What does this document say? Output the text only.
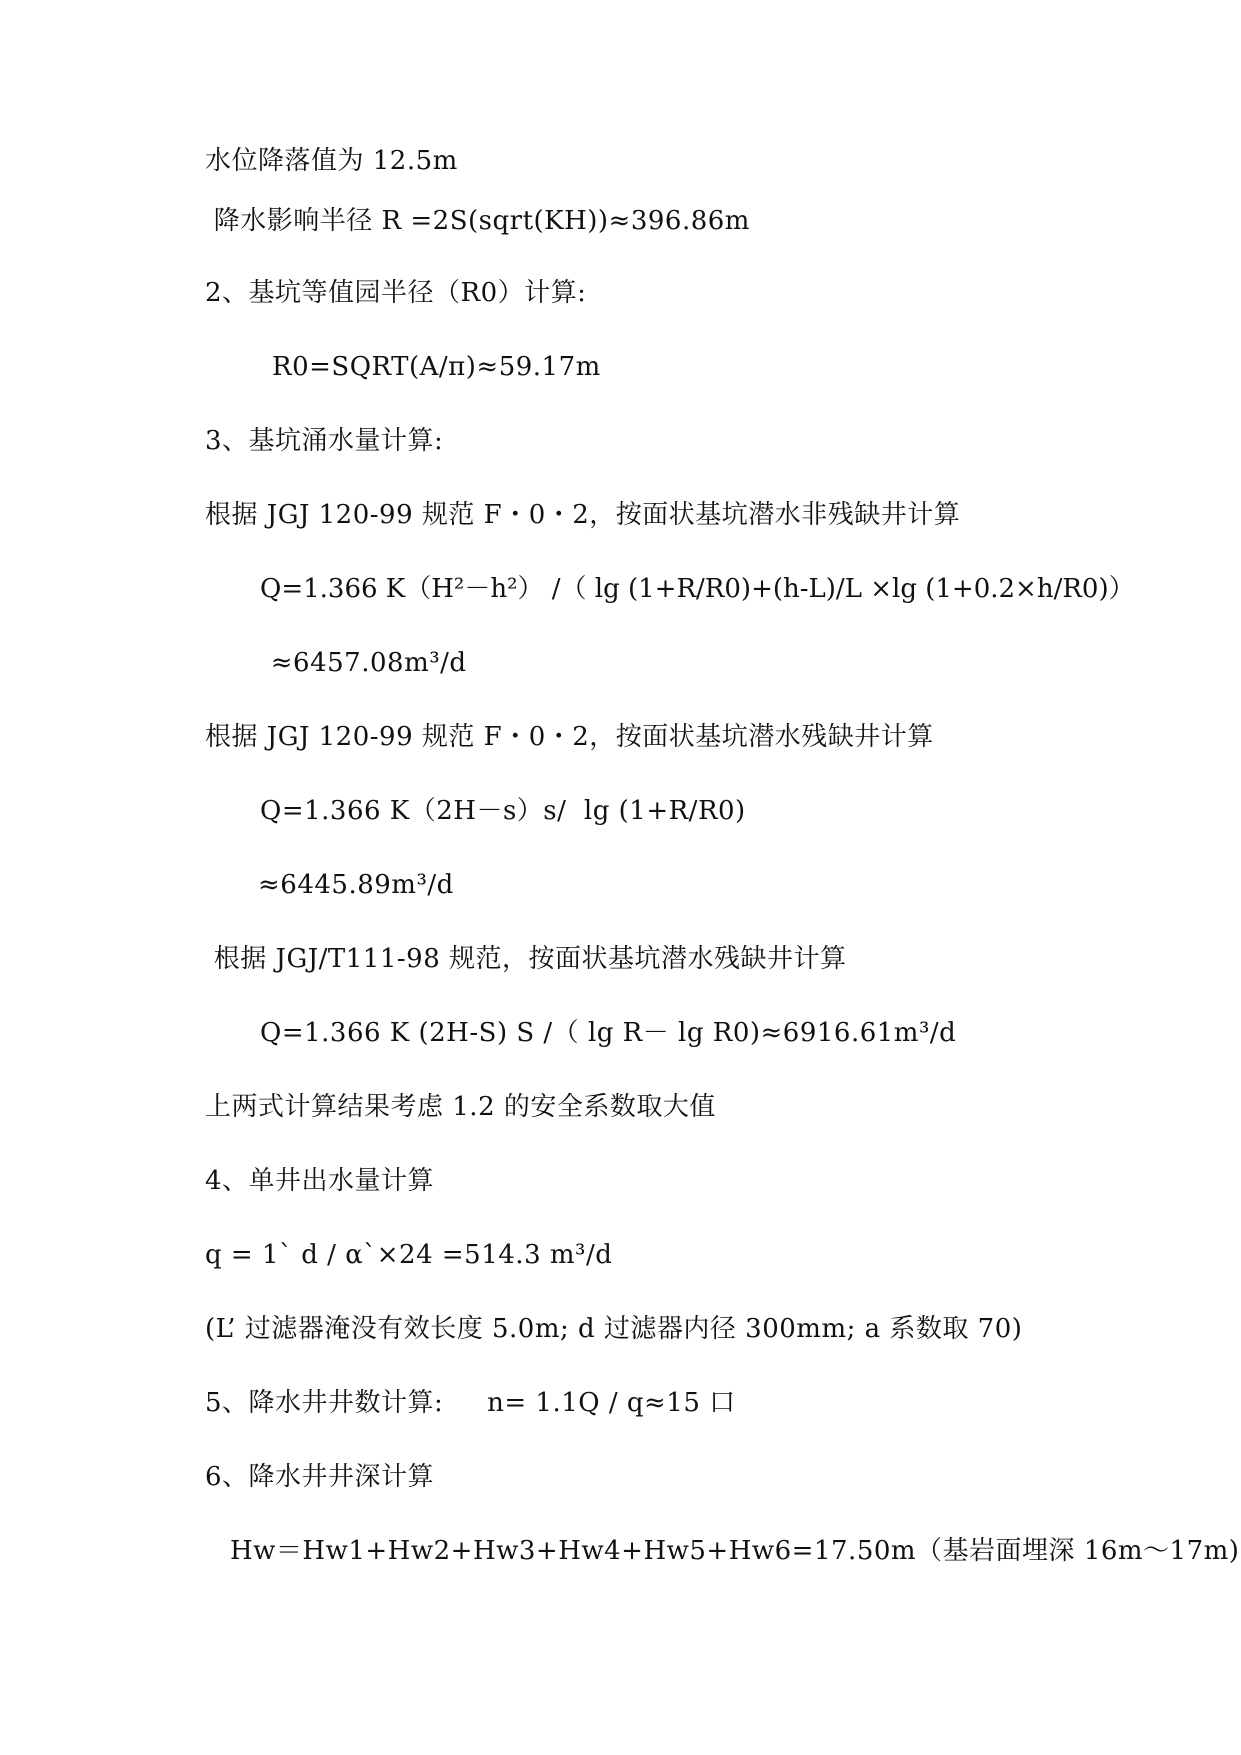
水位降落值为 12.5m
降水影响半径 R =2S(sqrt(KH))≈396.86m
2、基坑等值园半径（R0）计算:
R0=SQRT(A/π)≈59.17m
3、基坑涌水量计算:
根据 JGJ 120-99 规范 F・0・2，按面状基坑潜水非残缺井计算
Q=1.366 K（H²－h²） /（ lg (1+R/R0)+(h-L)/L ×lg (1+0.2×h/R0)）
≈6457.08m³/d
根据 JGJ 120-99 规范 F・0・2，按面状基坑潜水残缺井计算
Q=1.366 K（2H－s）s/  lg (1+R/R0)
≈6445.89m³/d
根据 JGJ/T111-98 规范，按面状基坑潜水残缺井计算
Q=1.366 K (2H-S) S /（ lg R－ lg R0)≈6916.61m³/d
上两式计算结果考虑 1.2 的安全系数取大值
4、单井出水量计算
q = 1` d / α`×24 =514.3 m³/d
(L’ 过滤器淹没有效长度 5.0m; d 过滤器内径 300mm; a 系数取 70)
5、降水井井数计算:     n= 1.1Q / q≈15 口
6、降水井井深计算
Hw＝Hw1+Hw2+Hw3+Hw4+Hw5+Hw6=17.50m（基岩面埋深 16m～17m)
